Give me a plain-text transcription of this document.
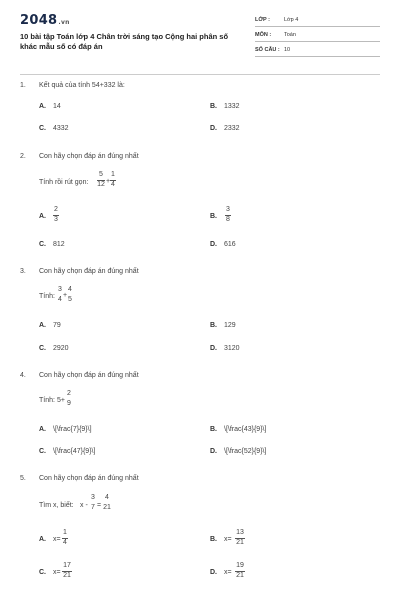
2048.vn
10 bài tập Toán lớp 4 Chân trời sáng tạo Cộng hai phân số khác mẫu số có đáp án
LỚP :	Lớp 4
MÔN : Toán
SỐ CÂU : 10
1. Kết quả của tính 54+332 là:
A. 14	B. 1332
C. 4332	D. 2332
2. Con hãy chọn đáp án đúng nhất
Tính rồi rút gọn:
5
12 +
1
4
A.
2
3	B.
3
8
C. 812	D. 616
3. Con hãy chọn đáp án đúng nhất
Tính:
3
4
+
4
5
A. 79	B. 129
C. 2920	D. 3120
4. Con hãy chọn đáp án đúng nhất
Tính: 5+
2
9
A. \[\frac{7}{9}\]	B. \[\frac{43}{9}\]
C. \[\frac{47}{9}\]	D. \[\frac{52}{9}\]
5. Con hãy chọn đáp án đúng nhất
Tìm x, biết: x -
3
7 =
4
21
A. x=
1
4	B. x=
13
21
C. x=
17
21	D. x=
19
21
